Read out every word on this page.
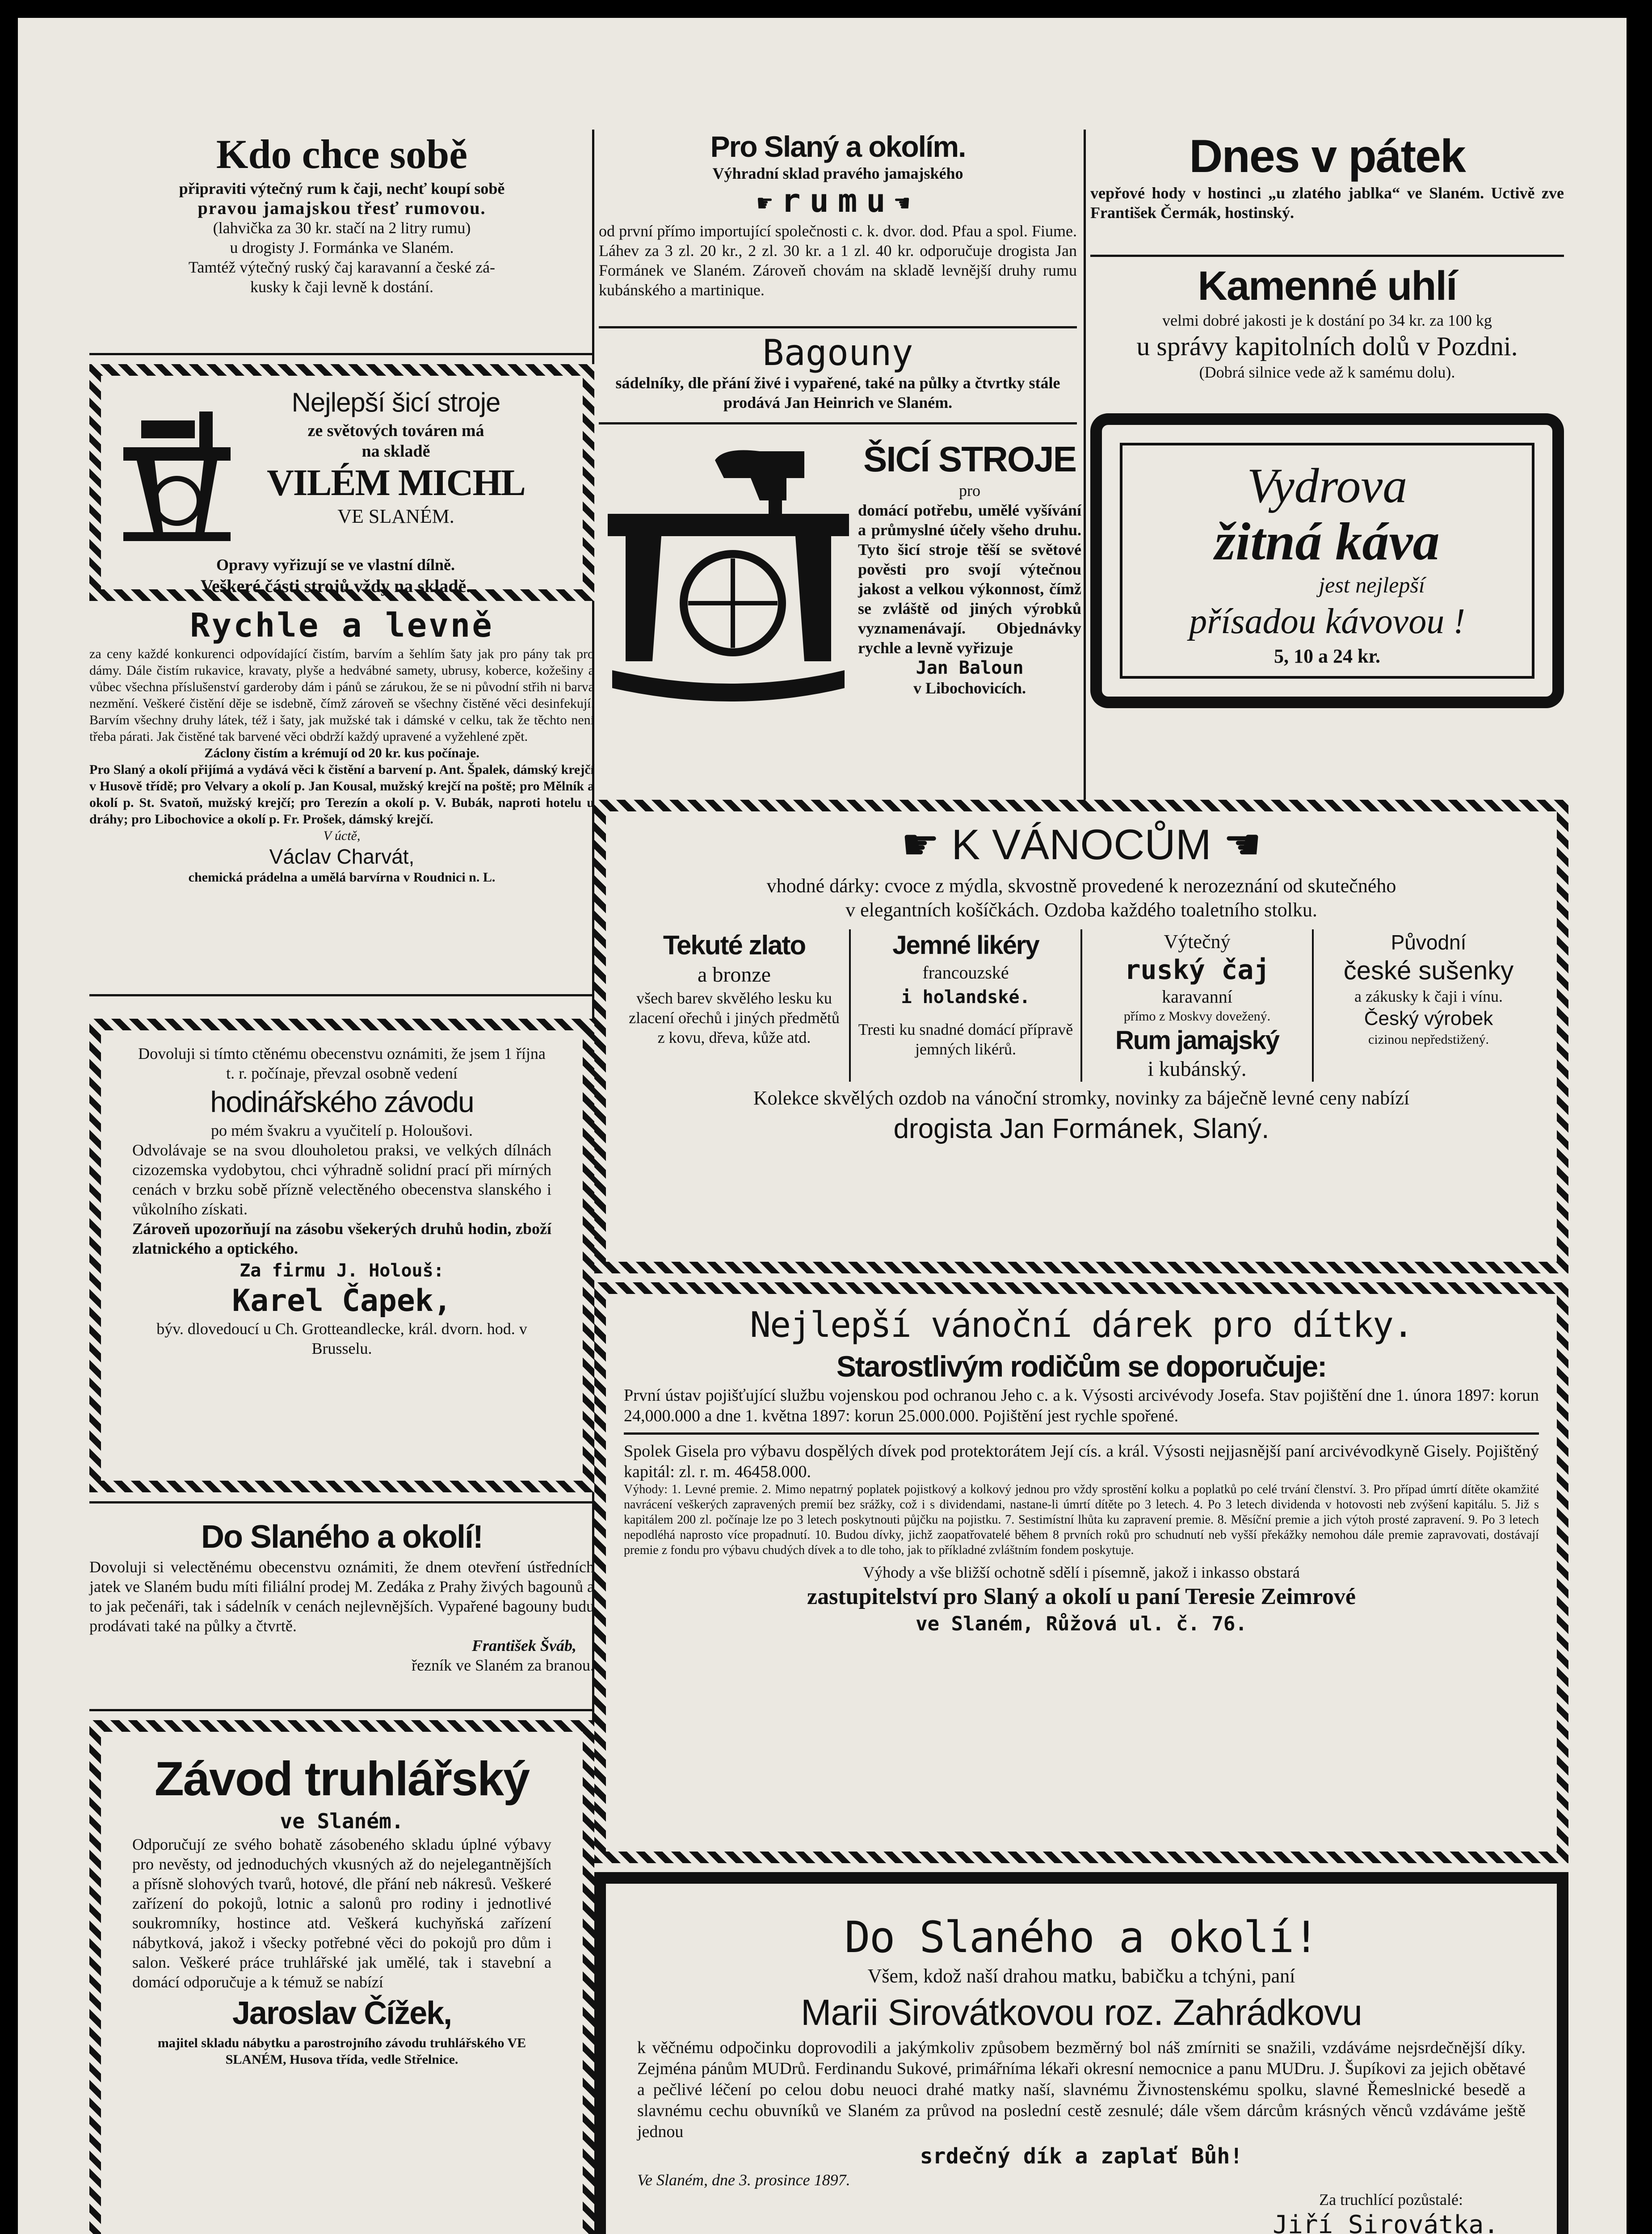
Kdo chce sobě

připraviti výtečný rum k čaji, nechť koupí sobě

pravou jamajskou třesť rumovou.

(lahvička za 30 kr. stačí na 2 litry rumu)

u drogisty J. Formánka ve Slaném.

Tamtéž výtečný ruský čaj karavanní a české zá-

kusky k čaji levně k dostání.

Nejlepší šicí stroje
ze světových továren má
na skladě
VILÉM MICHL
VE SLANÉM.
Opravy vyřizují se ve vlastní dílně.
Veškeré části strojů vždy na skladě.
Rychle a levně

za ceny každé konkurenci odpovídající čistím, barvím a šehlím šaty jak pro pány tak pro dámy. Dále čistím rukavice, kravaty, plyše a hedvábné samety, ubrusy, koberce, kožešiny a vůbec všechna příslušenství garderoby dám i pánů se zárukou, že se ni původní střih ni barva nezmění. Veškeré čistění děje se isdebně, čímž zároveň se všechny čistěné věci desinfekují. Barvím všechny druhy látek, též i šaty, jak mužské tak i dámské v celku, tak že těchto není třeba párati. Jak čistěné tak barvené věci obdrží každý upravené a vyžehlené zpět.

Záclony čistím a krémují od 20 kr. kus počínaje.

Pro Slaný a okolí přijímá a vydává věci k čistění a barvení p. Ant. Špalek, dámský krejčí v Husově třídě; pro Velvary a okolí p. Jan Kousal, mužský krejčí na poště; pro Mělník a okolí p. St. Svatoň, mužský krejčí; pro Terezín a okolí p. V. Bubák, naproti hotelu u dráhy; pro Libochovice a okolí p. Fr. Prošek, dámský krejčí.

V úctě,

Václav Charvát,

chemická prádelna a umělá barvírna v Roudnici n. L.

Dovoluji si tímto ctěnému obecenstvu oznámiti, že jsem 1 října t. r. počínaje, převzal osobně vedení

hodinářského závodu

po mém švakru a vyučitelí p. Holoušovi.

Odvolávaje se na svou dlouholetou praksi, ve velkých dílnách cizozemska vydobytou, chci výhradně solidní prací při mírných cenách v brzku sobě přízně velectěného obecenstva slanského i vůkolního získati.

Zároveň upozorňují na zásobu všekerých druhů hodin, zboží zlatnického a optického.

Za firmu J. Holouš:

Karel Čapek,

býv. dlovedoucí u Ch. Grotteandlecke, král. dvorn. hod. v Brusselu.

Do Slaného a okolí!

Dovoluji si velectěnému obecenstvu oznámiti, že dnem otevření ústředních jatek ve Slaném budu míti filiální prodej M. Zedáka z Prahy živých bagounů a to jak pečenáři, tak i sádelník v cenách nejlevnějších. Vypařené bagouny budu prodávati také na půlky a čtvrtě.

František Šváb,

řezník ve Slaném za branou.

Závod truhlářský
ve Slaném.

Odporučují ze svého bohatě zásobeného skladu úplné výbavy pro nevěsty, od jednoduchých vkusných až do nejelegantnějších a přísně slohových tvarů, hotové, dle přání neb nákresů. Veškeré zařízení do pokojů, lotnic a salonů pro rodiny i jednotlivé soukromníky, hostince atd. Veškerá kuchyňská zařízení nábytková, jakož i všecky potřebné věci do pokojů pro dům i salon. Veškeré práce truhlářské jak umělé, tak i stavební a domácí odporučuje a k témuž se nabízí

Jaroslav Čížek,

majitel skladu nábytku a parostrojního závodu truhlářského VE SLANÉM, Husova třída, vedle Střelnice.

Pro Slaný a okolím.
Výhradní sklad pravého jamajského
☛rumu☚

od první přímo importující společnosti c. k. dvor. dod. Pfau a spol. Fiume. Láhev za 3 zl. 20 kr., 2 zl. 30 kr. a 1 zl. 40 kr. odporučuje drogista Jan Formánek ve Slaném. Zároveň chovám na skladě levnější druhy rumu kubánského a martinique.

Bagouny

sádelníky, dle přání živé i vypařené, také na půlky a čtvrtky stále prodává Jan Heinrich ve Slaném.

ŠICÍ STROJE

pro

domácí potřebu, umělé vyšívání a průmyslné účely všeho druhu. Tyto šicí stroje těší se světové pověsti pro svojí výtečnou jakost a velkou výkonnost, čímž se zvláště od jiných výrobků vyznamenávají. Objednávky rychle a levně vyřizuje

Jan Baloun

v Libochovicích.

Dnes v pátek

vepřové hody v hostinci „u zlatého jablka“ ve Slaném. Uctivě zve František Čermák, hostinský.

Kamenné uhlí

velmi dobré jakosti je k dostání po 34 kr. za 100 kg

u správy kapitolních dolů v Pozdni.

(Dobrá silnice vede až k samému dolu).

Vydrova
žitná káva
jest nejlepší
přísadou kávovou !
5, 10 a 24 kr.
☛ K VÁNOCŮM ☚

vhodné dárky: cvoce z mýdla, skvostně provedené k nerozeznání od skutečného

v elegantních košíčkách. Ozdoba každého toaletního stolku.

Tekuté zlato
a bronze

všech barev skvělého lesku ku zlacení ořechů i jiných předmětů z kovu, dřeva, kůže atd.

Jemné likéry
francouzské
i holandské.

Tresti ku snadné domácí přípravě jemných likérů.

Výtečný
ruský čaj
karavanní
přímo z Moskvy dovežený.
Rum jamajský
i kubánský.
Původní
české sušenky

a zákusky k čaji i vínu.

Český výrobek
cizinou nepředstižený.

Kolekce skvělých ozdob na vánoční stromky, novinky za báječně levné ceny nabízí

drogista Jan Formánek, Slaný.

Nejlepší vánoční dárek pro dítky.
Starostlivým rodičům se doporučuje:

První ústav pojišťující službu vojenskou pod ochranou Jeho c. a k. Výsosti arcivévody Josefa. Stav pojištění dne 1. února 1897: korun 24,000.000 a dne 1. května 1897: korun 25.000.000. Pojištění jest rychle spořené.

Spolek Gisela pro výbavu dospělých dívek pod protektorátem Její cís. a král. Výsosti nejjasnější paní arcivévodkyně Gisely. Pojištěný kapitál: zl. r. m. 46458.000.

Výhody: 1. Levné premie. 2. Mimo nepatrný poplatek pojistkový a kolkový jednou pro vždy sprostění kolku a poplatků po celé trvání členství. 3. Pro případ úmrtí dítěte okamžité navrácení veškerých zapravených premií bez srážky, což i s dividendami, nastane-li úmrtí dítěte po 3 letech. 4. Po 3 letech dividenda v hotovosti neb zvýšení kapitálu. 5. Již s kapitálem 200 zl. počínaje lze po 3 letech poskytnouti půjčku na pojistku. 7. Sestimístní lhůta ku zapravení premie. 8. Měsíční premie a jich výtoh prosté zapravení. 9. Po 3 letech nepodléhá naprosto více propadnutí. 10. Budou dívky, jichž zaopatřovatelé během 8 prvních roků pro schudnutí neb vyšší překážky nemohou dále premie zapravovati, dostávají premie z fondu pro výbavu chudých dívek a to dle toho, jak to příkladné zvláštním fondem poskytuje.

Výhody a vše bližší ochotně sdělí i písemně, jakož i inkasso obstará

zastupitelství pro Slaný a okolí u paní Teresie Zeimrové

ve Slaném, Růžová ul. č. 76.

Do Slaného a okolí!

Všem, kdož naší drahou matku, babičku a tchýni, paní

Marii Sirovátkovou roz. Zahrádkovu

k věčnému odpočinku doprovodili a jakýmkoliv způsobem bezměrný bol náš zmírniti se snažili, vzdáváme nejsrdečnější díky. Zejména pánům MUDrů. Ferdinandu Sukové, primářníma lékaři okresní nemocnice a panu MUDru. J. Šupíkovi za jejich obětavé a pečlivé léčení po celou dobu neuoci drahé matky naší, slavnému Živnostenskému spolku, slavné Řemeslnické besedě a slavnému cechu obuvníků ve Slaném za průvod na poslední cestě zesnulé; dále všem dárcům krásných věnců vzdáváme ještě jednou

srdečný dík a zaplať Bůh!

Ve Slaném, dne 3. prosince 1897.

Za truchlící pozůstalé:

Jiří Sirovátka.
